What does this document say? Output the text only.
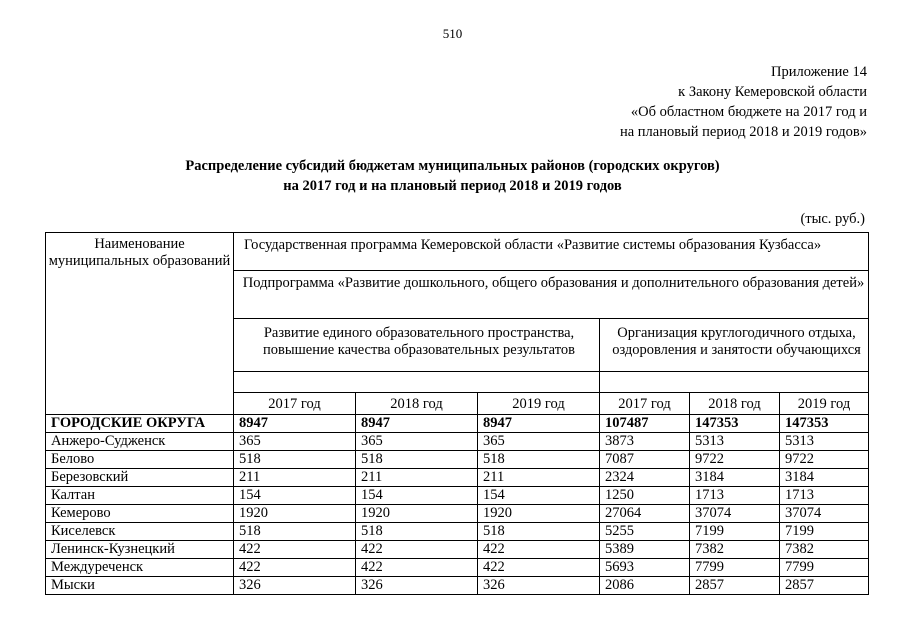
510
Приложение 14
к Закону Кемеровской области
«Об областном бюджете на 2017 год и
на плановый период 2018 и 2019 годов»
Распределение субсидий бюджетам муниципальных районов (городских округов)
на 2017 год и на плановый период 2018 и 2019 годов
(тыс. руб.)
Наименование муниципальных образований	Государственная программа Кемеровской области «Развитие системы образования Кузбасса»					
	Подпрограмма «Развитие дошкольного, общего образования и дополнительного образования детей»					
	Развитие единого образовательного пространства, повышение качества образовательных результатов			Организация круглогодичного отдыха, оздоровления и занятости обучающихся		

	2017 год	2018 год	2019 год	2017 год	2018 год	2019 год
ГОРОДСКИЕ ОКРУГА	8947	8947	8947	107487	147353	147353
Анжеро-Судженск	365	365	365	3873	5313	5313
Белово	518	518	518	7087	9722	9722
Березовский	211	211	211	2324	3184	3184
Калтан	154	154	154	1250	1713	1713
Кемерово	1920	1920	1920	27064	37074	37074
Киселевск	518	518	518	5255	7199	7199
Ленинск-Кузнецкий	422	422	422	5389	7382	7382
Междуреченск	422	422	422	5693	7799	7799
Мыски	326	326	326	2086	2857	2857
